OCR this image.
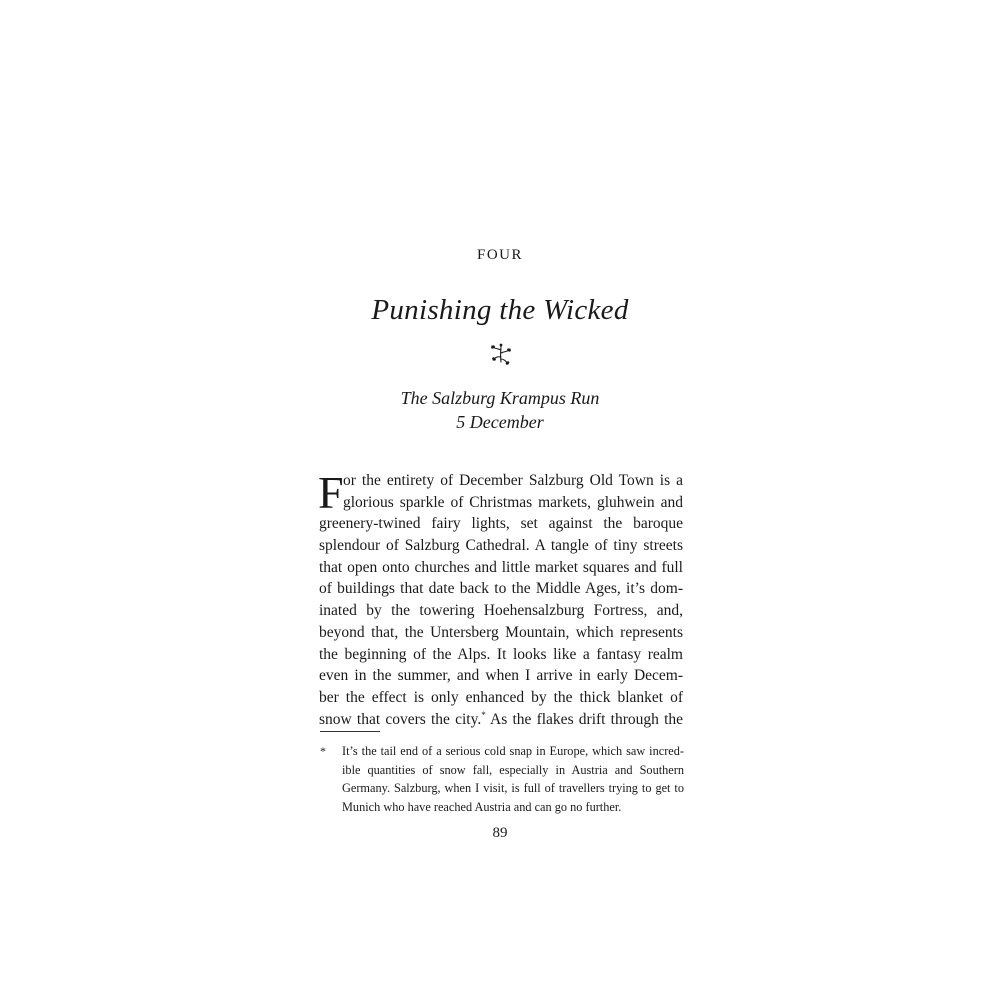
FOUR
Punishing the Wicked
The Salzburg Krampus Run
5 December
F or the entirety of December Salzburg Old Town is a
glorious sparkle of Christmas markets, gluhwein and
greenery-twined fairy lights, set against the baroque
splendour of Salzburg Cathedral. A tangle of tiny streets
that open onto churches and little market squares and full
of buildings that date back to the Middle Ages, it’s dom-
inated by the towering Hoehensalzburg Fortress, and,
beyond that, the Untersberg Mountain, which represents
the beginning of the Alps. It looks like a fantasy realm
even in the summer, and when I arrive in early Decem-
ber the effect is only enhanced by the thick blanket of
snow that covers the city.* As the flakes drift through the
* It’s the tail end of a serious cold snap in Europe, which saw incred-
ible quantities of snow fall, especially in Austria and Southern
Germany. Salzburg, when I visit, is full of travellers trying to get to
Munich who have reached Austria and can go no further.
89
